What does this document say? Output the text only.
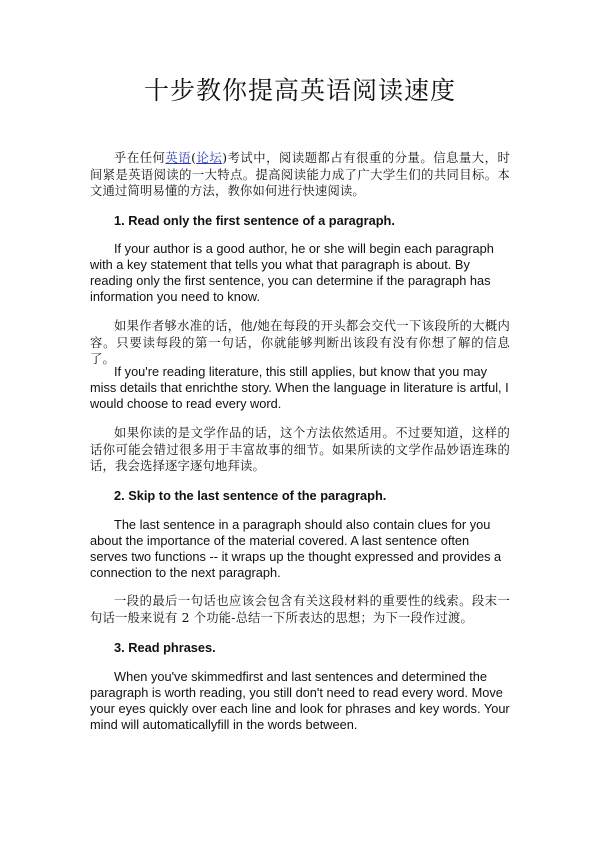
十步教你提高英语阅读速度
乎在任何英语(论坛)考试中，阅读题都占有很重的分量。信息量大，时间紧是英语阅读的一大特点。提高阅读能力成了广大学生们的共同目标。本文通过简明易懂的方法，教你如何进行快速阅读。
1. Read only the first sentence of a paragraph.
If your author is a good author, he or she will begin each paragraph with a key statement that tells you what that paragraph is about. By reading only the first sentence, you can determine if the paragraph has information you need to know.
如果作者够水准的话，他/她在每段的开头都会交代一下该段所的大概内容。只要读每段的第一句话，你就能够判断出该段有没有你想了解的信息了。
If you're reading literature, this still applies, but know that you may miss details that enrichthe story. When the language in literature is artful, I would choose to read every word.
如果你读的是文学作品的话，这个方法依然适用。不过要知道，这样的话你可能会错过很多用于丰富故事的细节。如果所读的文学作品妙语连珠的话，我会选择逐字逐句地拜读。
2. Skip to the last sentence of the paragraph.
The last sentence in a paragraph should also contain clues for you about the importance of the material covered. A last sentence often serves two functions -- it wraps up the thought expressed and provides a connection to the next paragraph.
一段的最后一句话也应该会包含有关这段材料的重要性的线索。段末一句话一般来说有 2 个功能-总结一下所表达的思想；为下一段作过渡。
3. Read phrases.
When you've skimmedfirst and last sentences and determined the paragraph is worth reading, you still don't need to read every word. Move your eyes quickly over each line and look for phrases and key words. Your mind will automaticallyfill in the words between.
